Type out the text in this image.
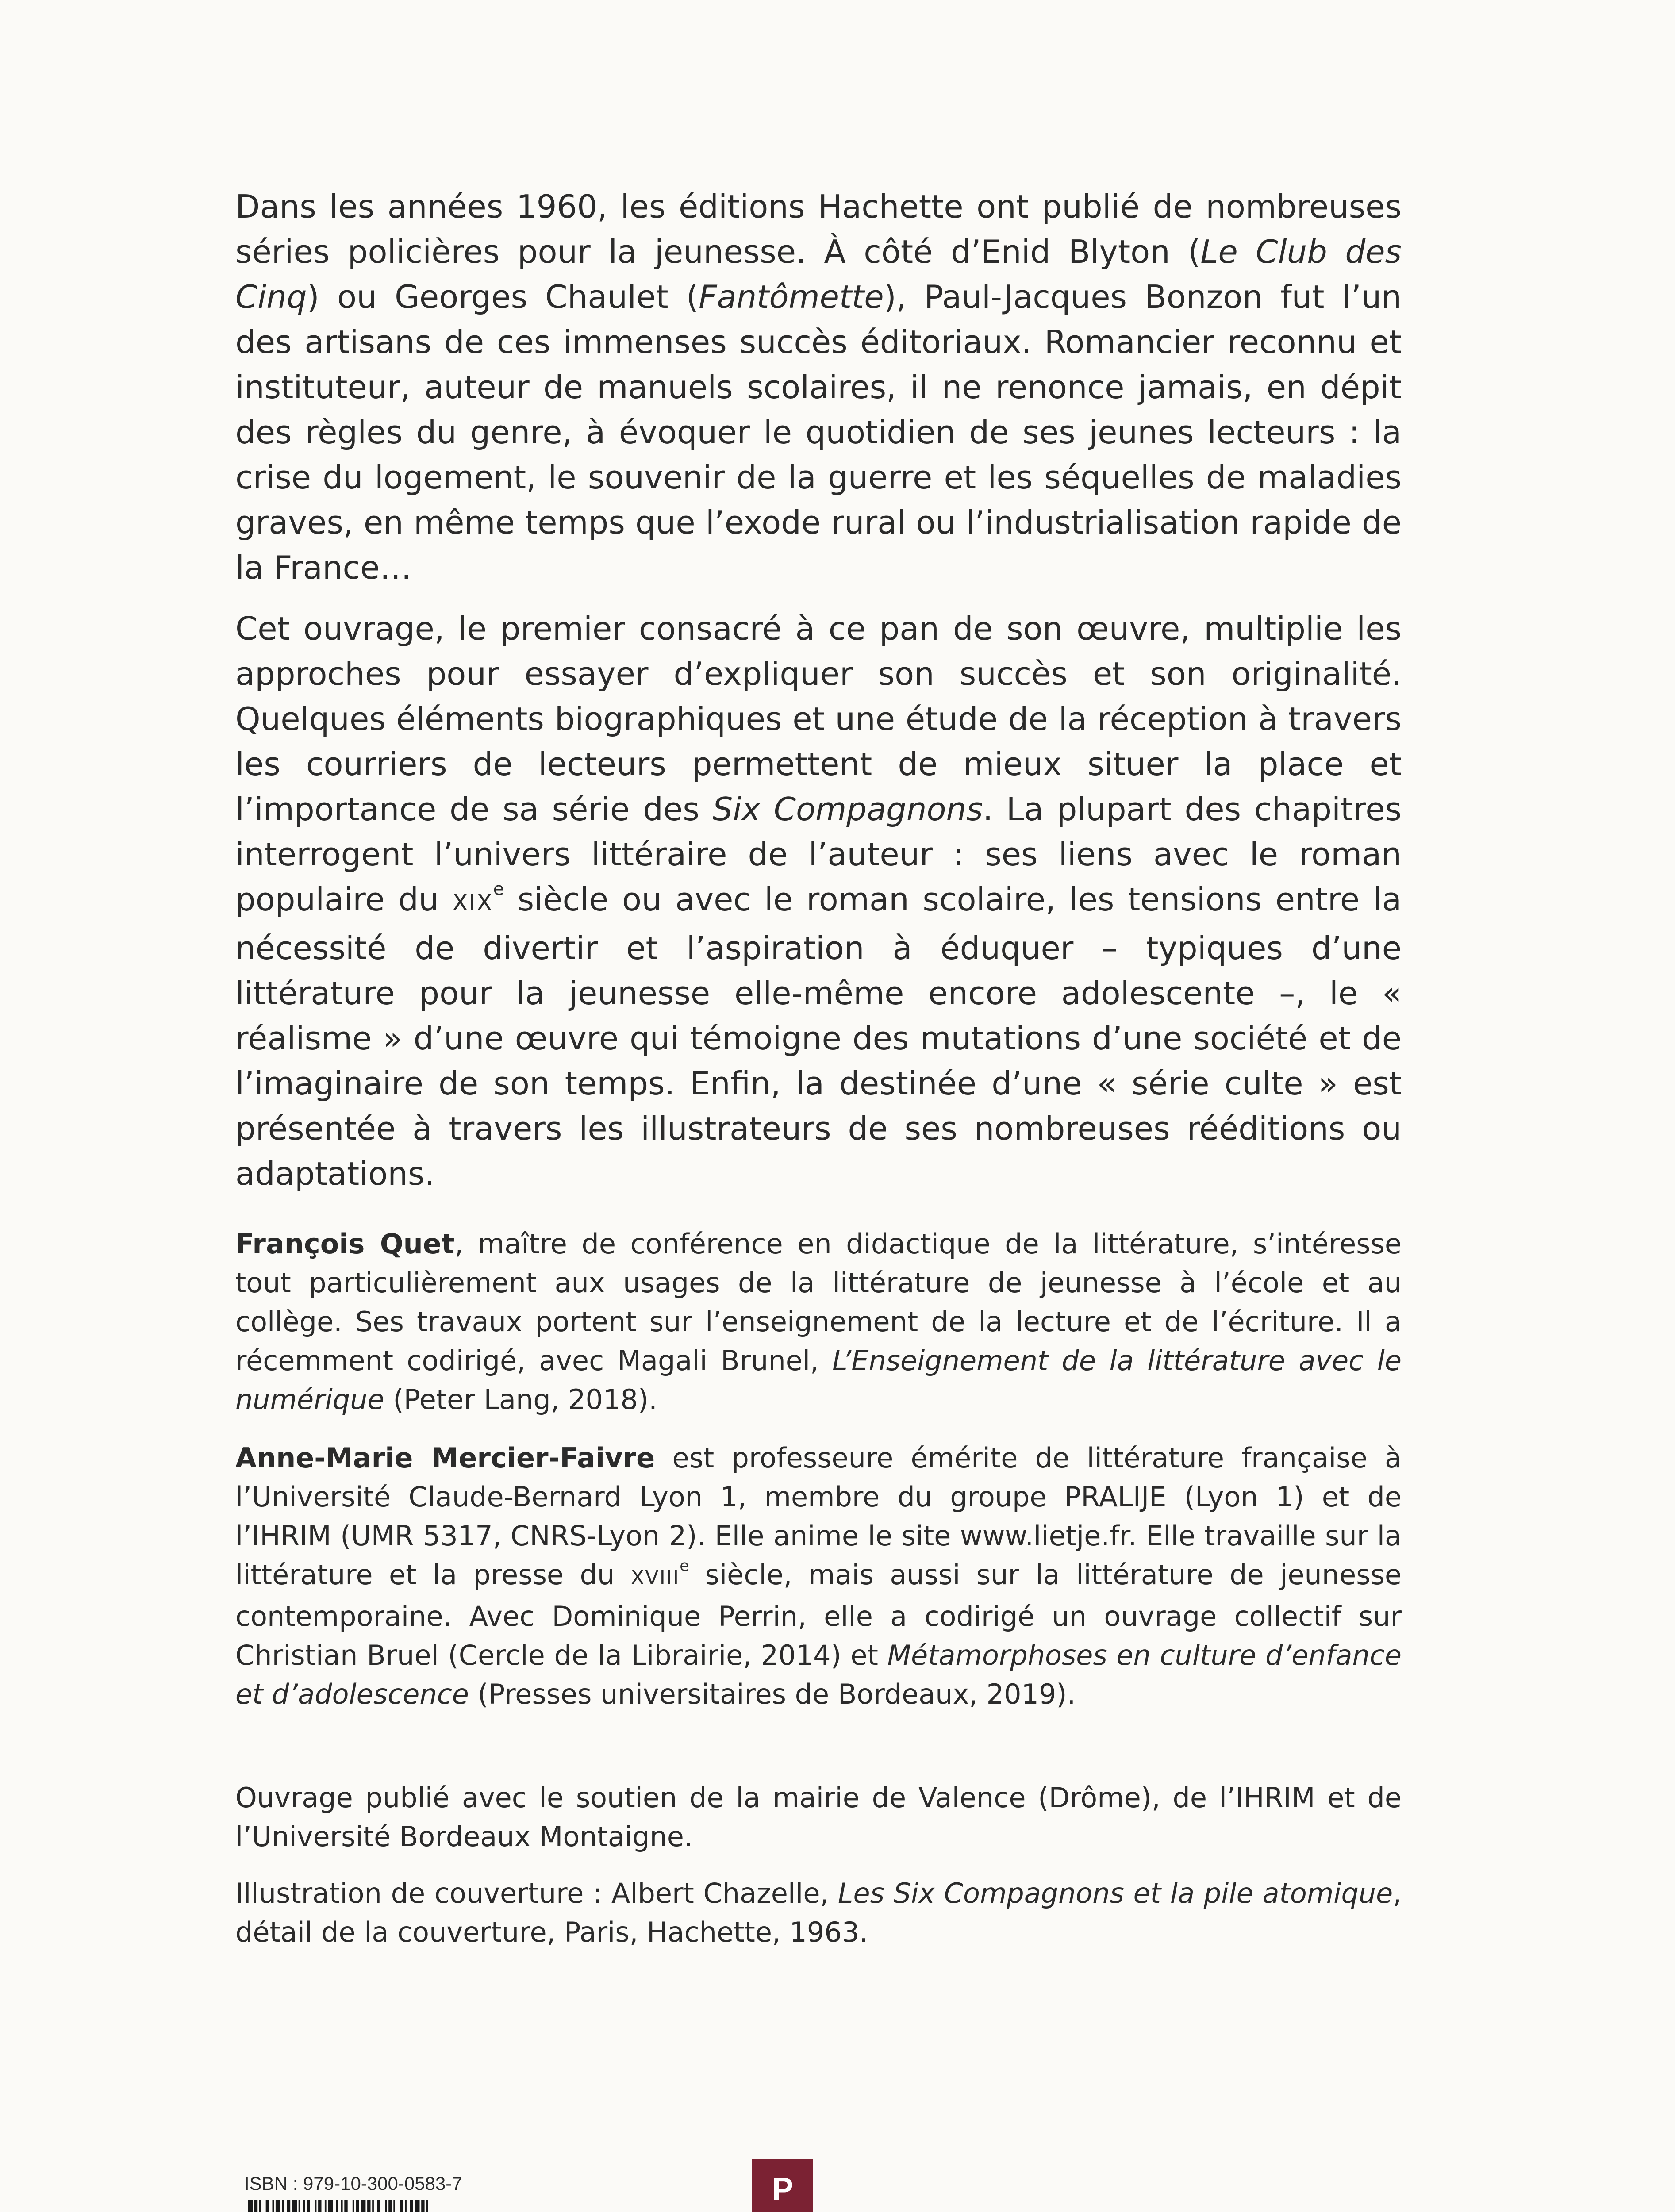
Dans les années 1960, les éditions Hachette ont publié de nombreuses séries policières pour la jeunesse. À côté d’Enid Blyton (Le Club des Cinq) ou Georges Chaulet (Fantômette), Paul-Jacques Bonzon fut l’un des artisans de ces immenses succès éditoriaux. Romancier reconnu et instituteur, auteur de manuels scolaires, il ne renonce jamais, en dépit des règles du genre, à évoquer le quotidien de ses jeunes lecteurs : la crise du logement, le souvenir de la guerre et les séquelles de maladies graves, en même temps que l’exode rural ou l’industrialisation rapide de la France…

Cet ouvrage, le premier consacré à ce pan de son œuvre, multiplie les approches pour essayer d’expliquer son succès et son originalité. Quelques éléments biographiques et une étude de la réception à travers les courriers de lecteurs permettent de mieux situer la place et l’importance de sa série des Six Compagnons. La plupart des chapitres interrogent l’univers littéraire de l’auteur : ses liens avec le roman populaire du XIXe siècle ou avec le roman scolaire, les tensions entre la nécessité de divertir et l’aspiration à éduquer – typiques d’une littérature pour la jeunesse elle-même encore adolescente –, le « réalisme » d’une œuvre qui témoigne des mutations d’une société et de l’imaginaire de son temps. Enfin, la destinée d’une « série culte » est présentée à travers les illustrateurs de ses nombreuses rééditions ou adaptations.

François Quet, maître de conférence en didactique de la littérature, s’intéresse tout particulièrement aux usages de la littérature de jeunesse à l’école et au collège. Ses travaux portent sur l’enseignement de la lecture et de l’écriture. Il a récemment codirigé, avec Magali Brunel, L’Enseignement de la littérature avec le numérique (Peter Lang, 2018).

Anne-Marie Mercier-Faivre est professeure émérite de littérature française à l’Université Claude-Bernard Lyon 1, membre du groupe PRALIJE (Lyon 1) et de l’IHRIM (UMR 5317, CNRS-Lyon 2). Elle anime le site www.lietje.fr. Elle travaille sur la littérature et la presse du XVIIIe siècle, mais aussi sur la littérature de jeunesse contemporaine. Avec Dominique Perrin, elle a codirigé un ouvrage collectif sur Christian Bruel (Cercle de la Librairie, 2014) et Métamorphoses en culture d’enfance et d’adolescence (Presses universitaires de Bordeaux, 2019).

Ouvrage publié avec le soutien de la mairie de Valence (Drôme), de l’IHRIM et de l’Université Bordeaux Montaigne.

Illustration de couverture : Albert Chazelle, Les Six Compagnons et la pile atomique, détail de la couverture, Paris, Hachette, 1963.

ISBN : 979-10-300-0583-7	P
